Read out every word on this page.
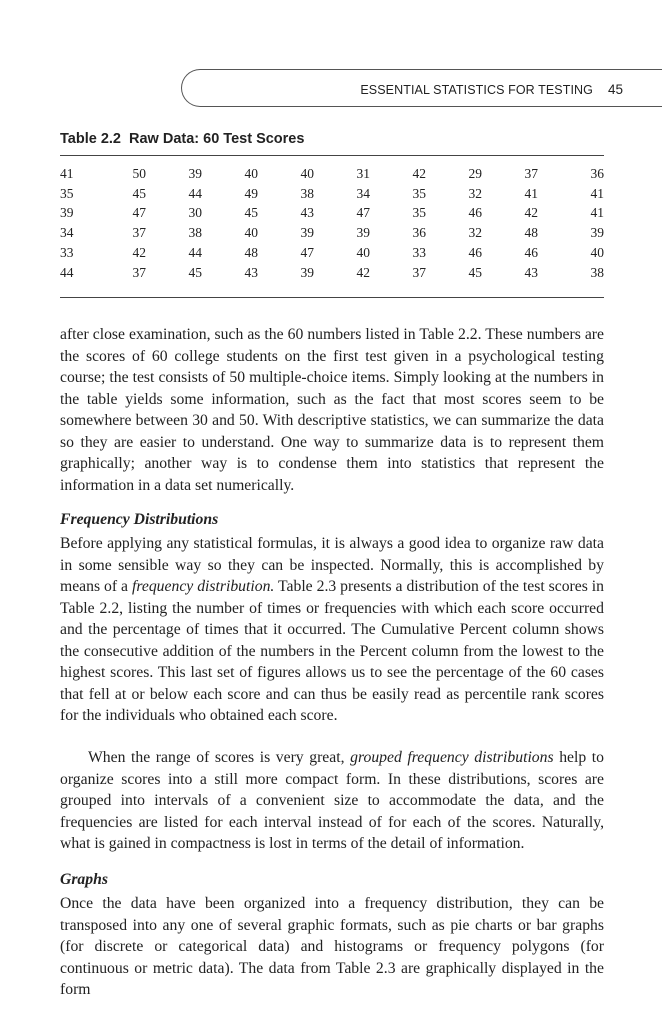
ESSENTIAL STATISTICS FOR TESTING 45
Table 2.2 Raw Data: 60 Test Scores
41	50	39	40	40	31	42	29	37	36
35	45	44	49	38	34	35	32	41	41
39	47	30	45	43	47	35	46	42	41
34	37	38	40	39	39	36	32	48	39
33	42	44	48	47	40	33	46	46	40
44	37	45	43	39	42	37	45	43	38

after close examination, such as the 60 numbers listed in Table 2.2. These numbers are the scores of 60 college students on the first test given in a psychological testing course; the test consists of 50 multiple-choice items. Simply looking at the numbers in the table yields some information, such as the fact that most scores seem to be somewhere between 30 and 50. With descriptive statistics, we can summarize the data so they are easier to understand. One way to summarize data is to represent them graphically; another way is to condense them into statistics that represent the information in a data set numerically.

Frequency Distributions

Before applying any statistical formulas, it is always a good idea to organize raw data in some sensible way so they can be inspected. Normally, this is accomplished by means of a frequency distribution. Table 2.3 presents a distribution of the test scores in Table 2.2, listing the number of times or frequencies with which each score occurred and the percentage of times that it occurred. The Cumulative Percent column shows the consecutive addition of the numbers in the Percent column from the lowest to the highest scores. This last set of figures allows us to see the percentage of the 60 cases that fell at or below each score and can thus be easily read as percentile rank scores for the individuals who obtained each score.

When the range of scores is very great, grouped frequency distributions help to organize scores into a still more compact form. In these distributions, scores are grouped into intervals of a convenient size to accommodate the data, and the frequencies are listed for each interval instead of for each of the scores. Naturally, what is gained in compactness is lost in terms of the detail of information.

Graphs

Once the data have been organized into a frequency distribution, they can be transposed into any one of several graphic formats, such as pie charts or bar graphs (for discrete or categorical data) and histograms or frequency polygons (for continuous or metric data). The data from Table 2.3 are graphically displayed in the form
